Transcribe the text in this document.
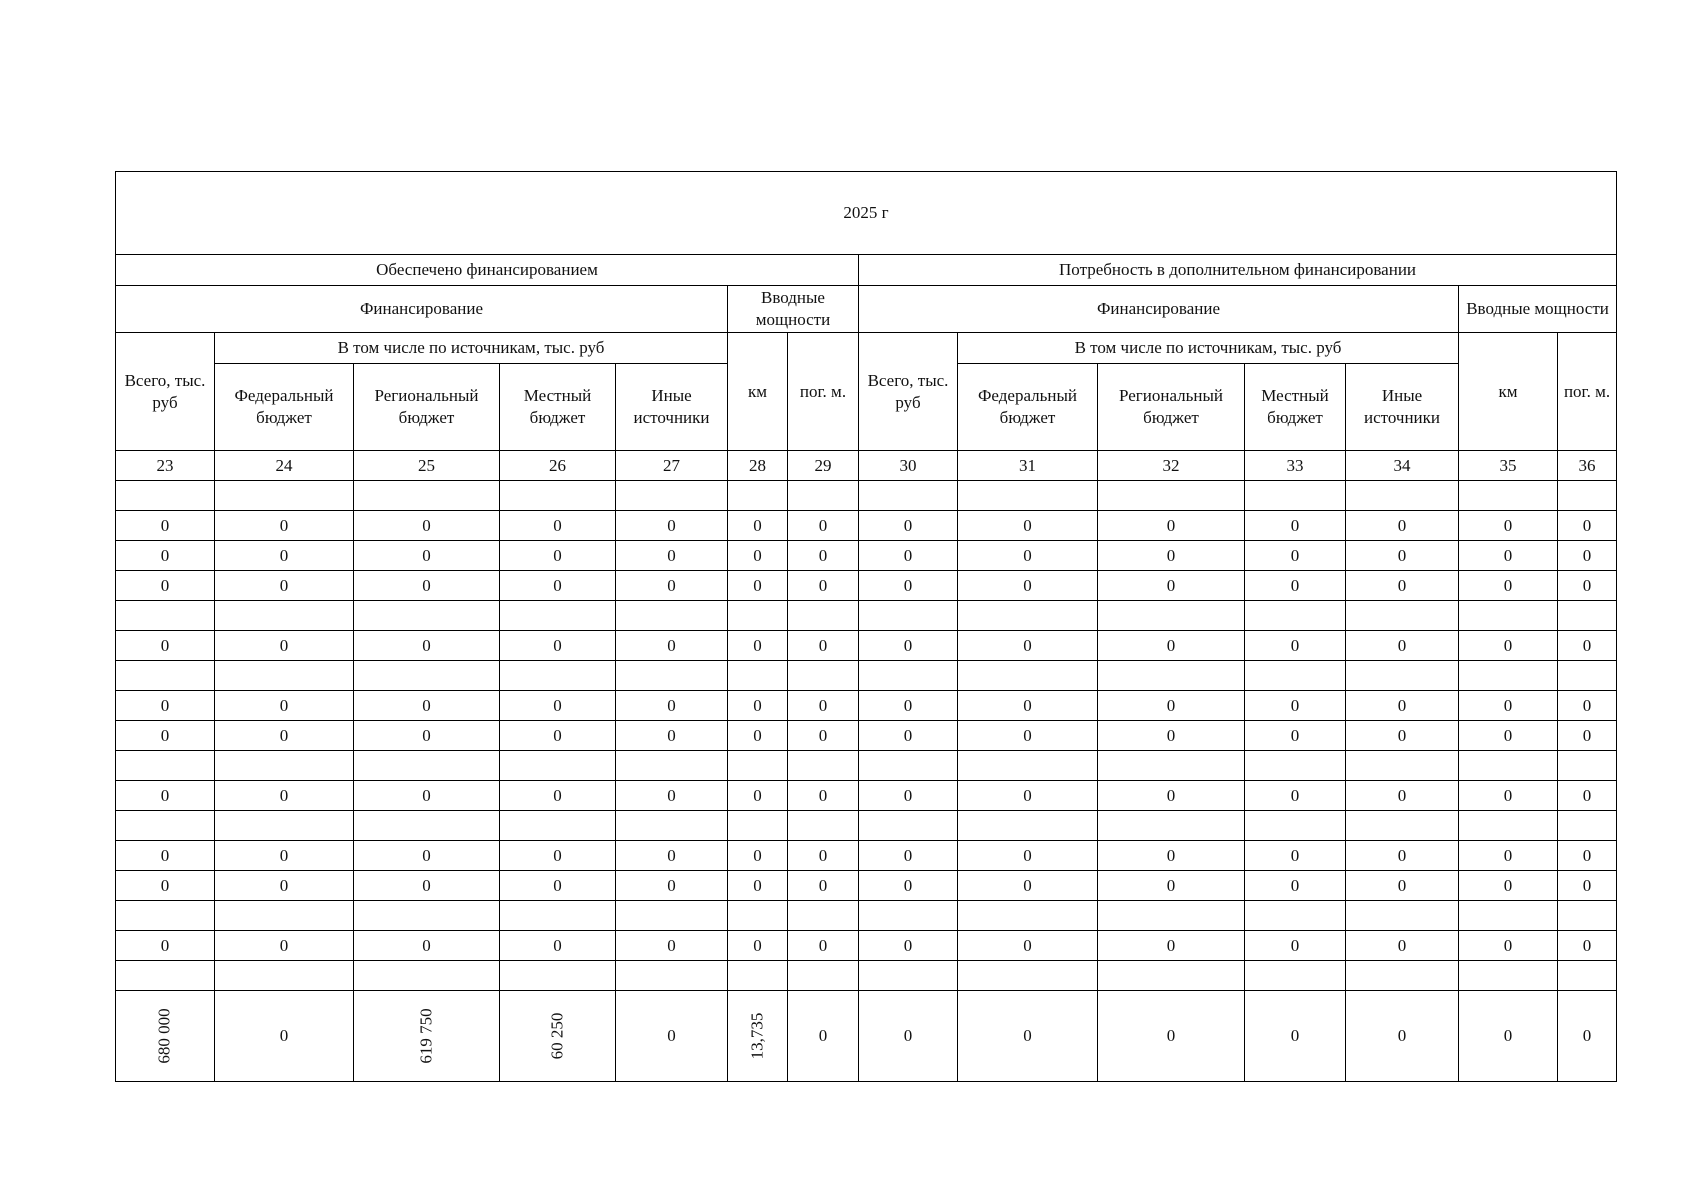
2025 г													
Обеспечено финансированием							Потребность в дополнительном финансировании						
Финансирование					Вводные мощности		Финансирование					Вводные мощности	
Всего, тыс. руб	В том числе по источникам, тыс. руб				км	пог. м.	Всего, тыс. руб	В том числе по источникам, тыс. руб				км	пог. м.
	Федеральный бюджет	Региональный бюджет	Местный бюджет	Иные источники				Федеральный бюджет	Региональный бюджет	Местный бюджет	Иные источники		

23	24	25	26	27	28	29	30	31	32	33	34	35	36

0	0	0	0	0	0	0	0	0	0	0	0	0	0

0	0	0	0	0	0	0	0	0	0	0	0	0	0

0	0	0	0	0	0	0	0	0	0	0	0	0	0

0	0	0	0	0	0	0	0	0	0	0	0	0	0

0	0	0	0	0	0	0	0	0	0	0	0	0	0

0	0	0	0	0	0	0	0	0	0	0	0	0	0

0	0	0	0	0	0	0	0	0	0	0	0	0	0

0	0	0	0	0	0	0	0	0	0	0	0	0	0

0	0	0	0	0	0	0	0	0	0	0	0	0	0

0	0	0	0	0	0	0	0	0	0	0	0	0	0

680 000	0	619 750	60 250	0	13,735	0	0	0	0	0	0	0	0
